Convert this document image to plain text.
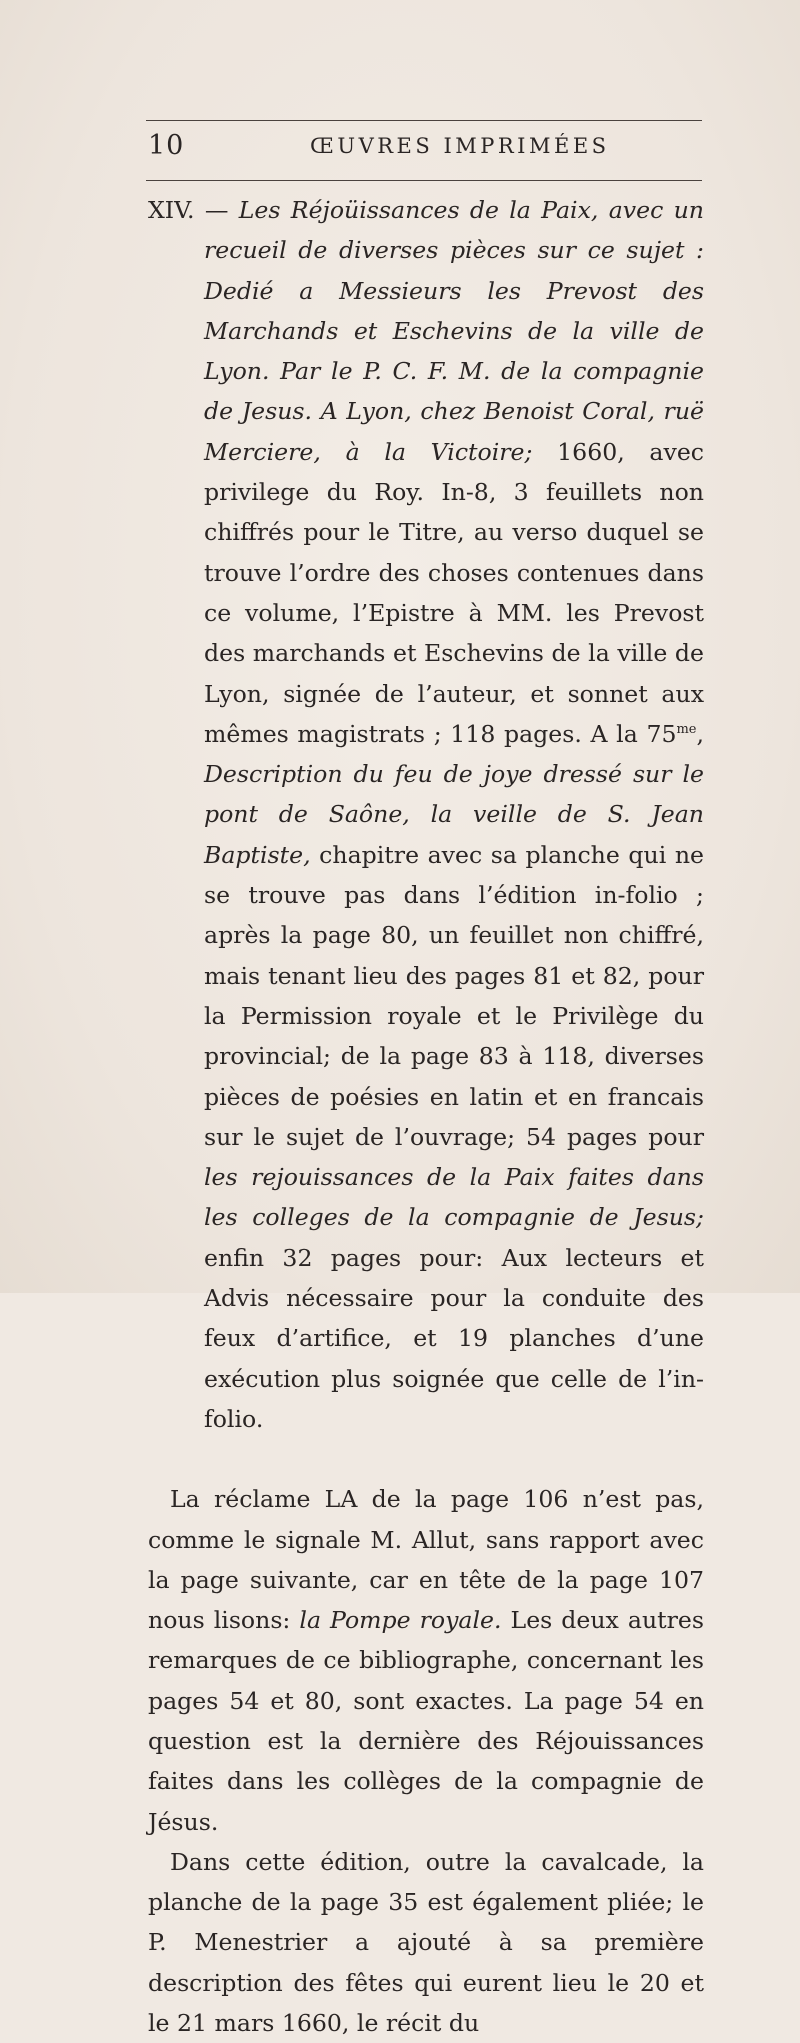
10	ŒUVRES IMPRIMÉES

XIV. — Les Réjoüissances de la Paix, avec un recueil de diverses pièces sur ce sujet : Dedié a Messieurs les Prevost des Marchands et Eschevins de la ville de Lyon. Par le P. C. F. M. de la compagnie de Jesus. A Lyon, chez Benoist Coral, ruë Merciere, à la Victoire; 1660, avec privilege du Roy. In-8, 3 feuillets non chiffrés pour le Titre, au verso duquel se trouve l’ordre des choses contenues dans ce volume, l’Epistre à MM. les Prevost des marchands et Eschevins de la ville de Lyon, signée de l’auteur, et sonnet aux mêmes magistrats ; 118 pages. A la $75^{me}$, Description du feu de joye dressé sur le pont de Saône, la veille de S. Jean Baptiste, chapitre avec sa planche qui ne se trouve pas dans l’édition in-folio ; après la page 80, un feuillet non chiffré, mais tenant lieu des pages 81 et 82, pour la Permission royale et le Privilège du provincial; de la page 83 à 118, diverses pièces de poésies en latin et en francais sur le sujet de l’ouvrage; 54 pages pour les rejouissances de la Paix faites dans les colleges de la compagnie de Jesus; enfin 32 pages pour: Aux lecteurs et Advis nécessaire pour la conduite des feux d’artifice, et 19 planches d’une exécution plus soignée que celle de l’in-folio.

La réclame LA de la page 106 n’est pas, comme le signale M. Allut, sans rapport avec la page suivante, car en tête de la page 107 nous lisons: la Pompe royale. Les deux autres remarques de ce bibliographe, concernant les pages 54 et 80, sont exactes. La page 54 en question est la dernière des Réjouissances faites dans les collèges de la compagnie de Jésus.

Dans cette édition, outre la cavalcade, la planche de la page 35 est également pliée; le P. Menestrier a ajouté à sa première description des fêtes qui eurent lieu le 20 et le 21 mars 1660, le récit du
